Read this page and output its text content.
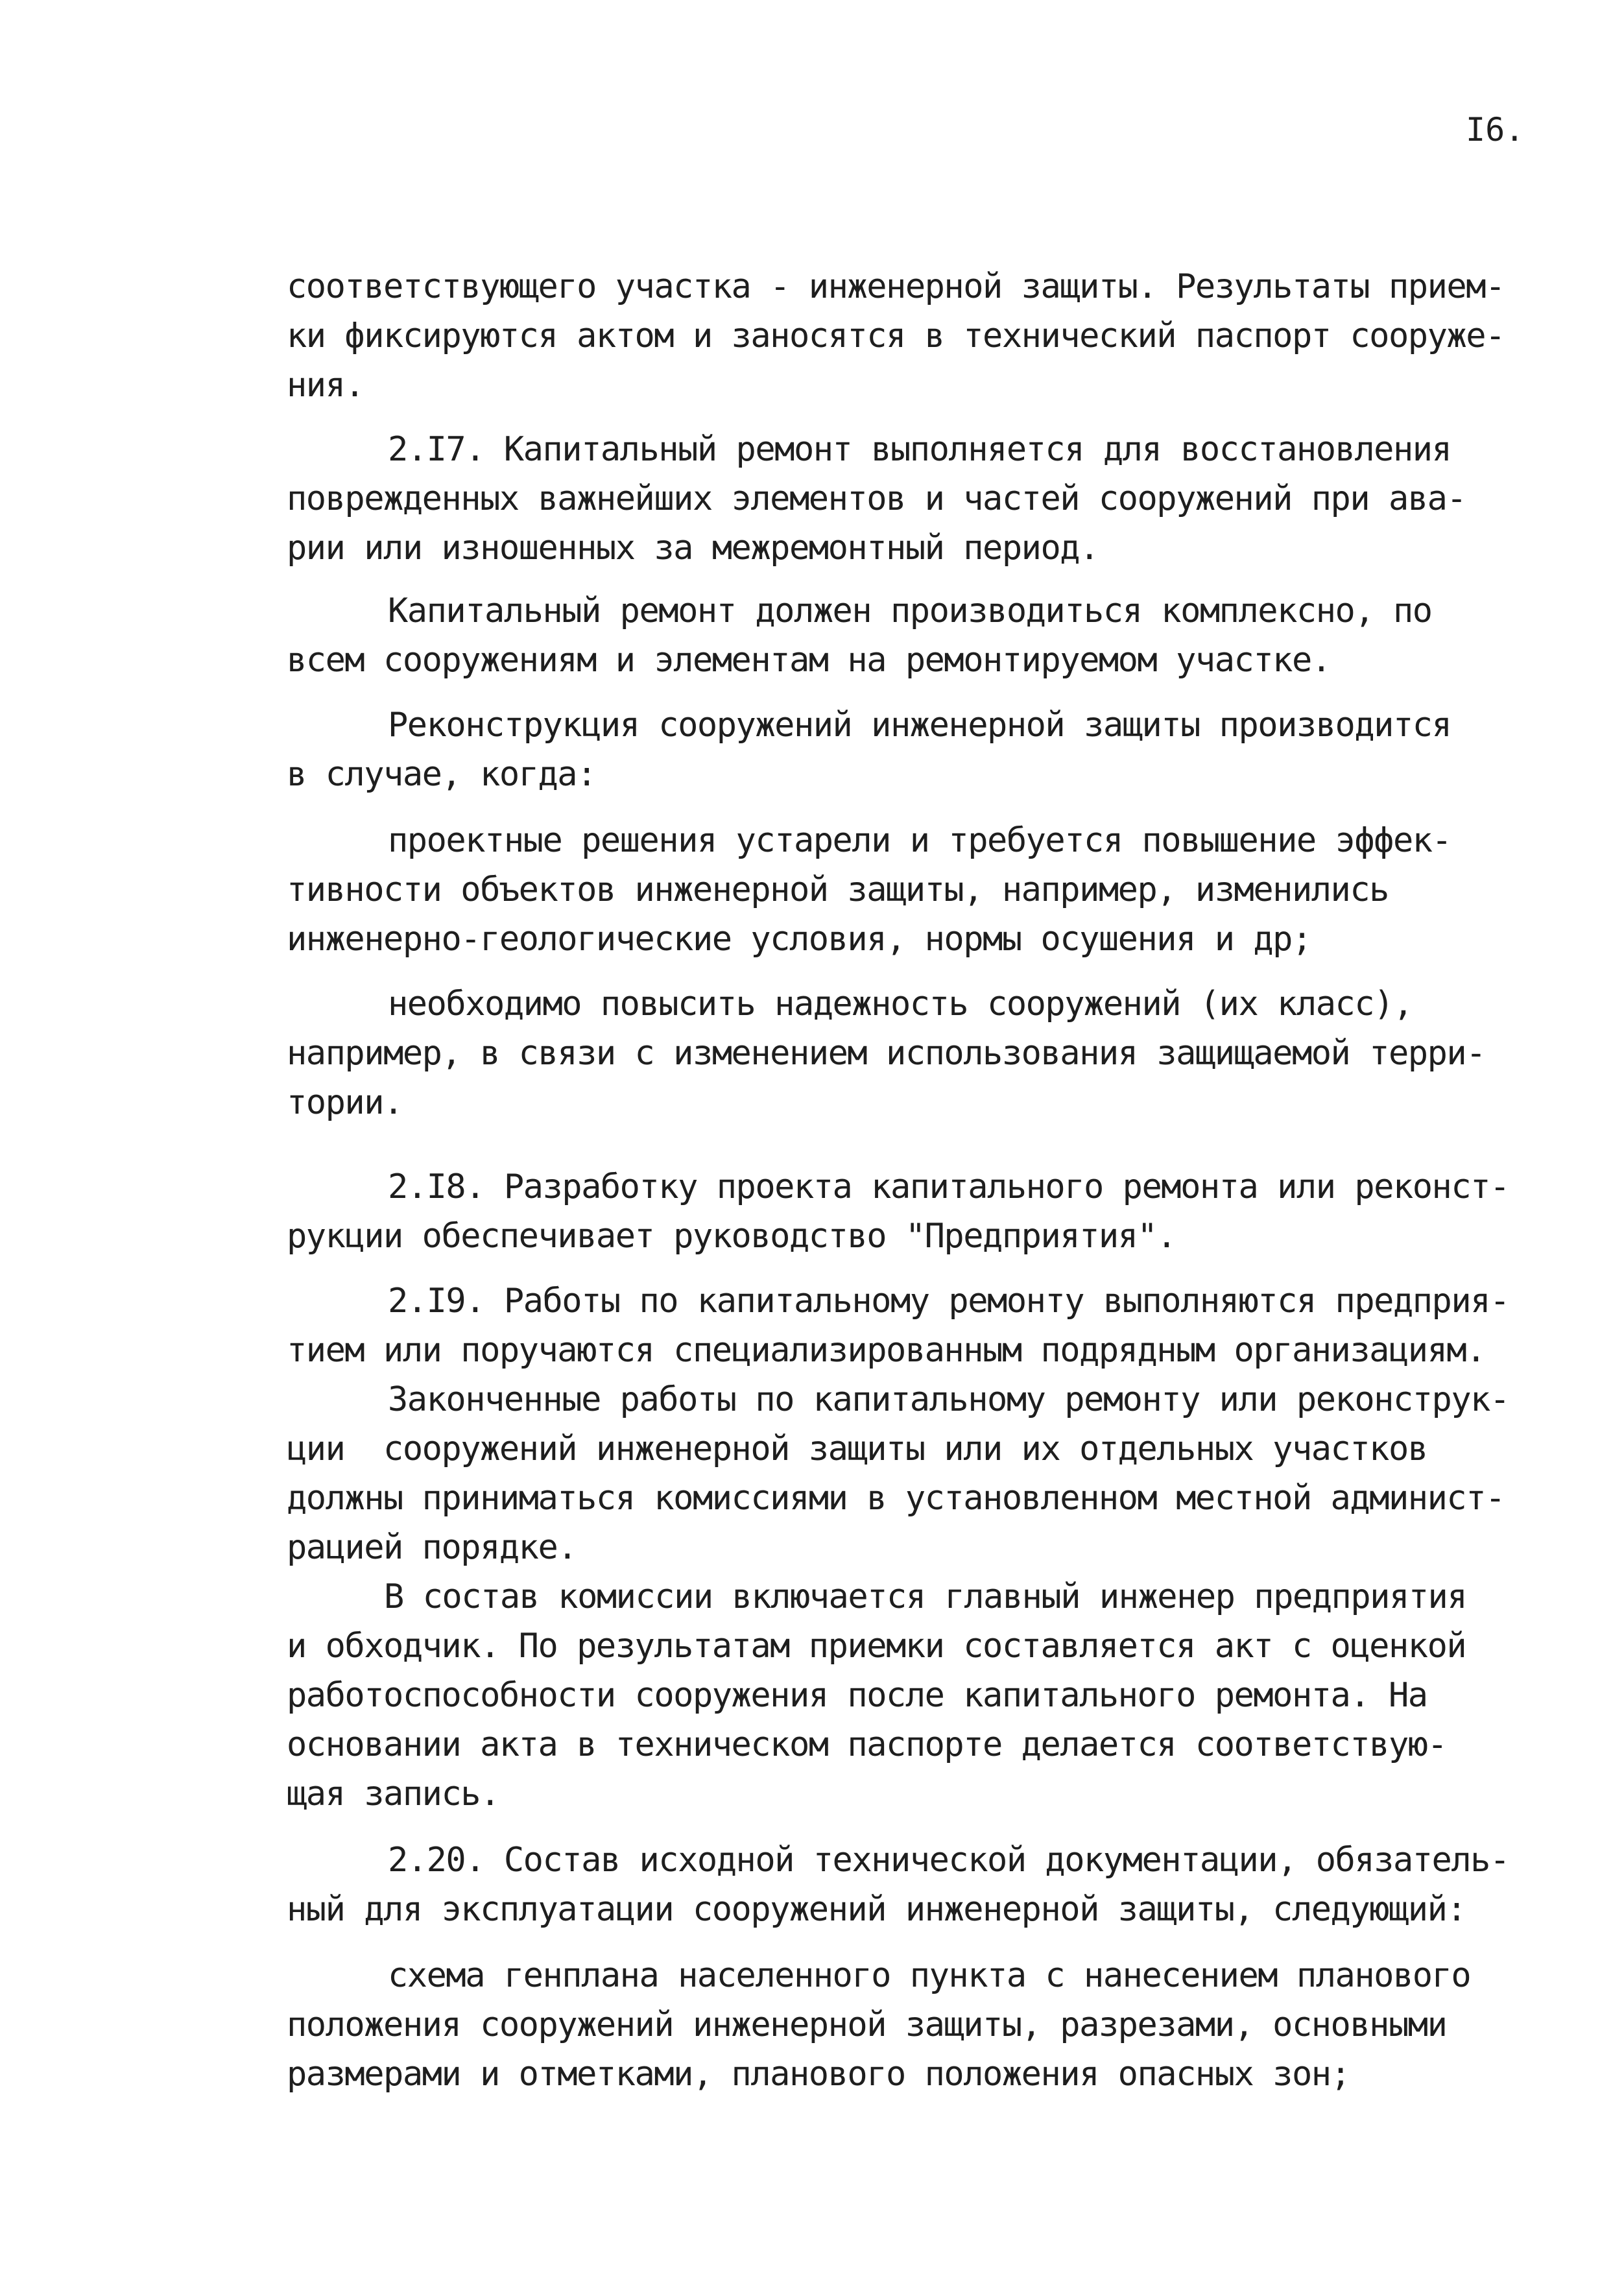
I6.
соответствующего участка - инженерной защиты. Результаты прием-
ки фиксируются актом и заносятся в технический паспорт сооруже-
ния.
2.I7. Капитальный ремонт выполняется для восстановления
поврежденных важнейших элементов и частей сооружений при ава-
рии или изношенных за межремонтный период.
Капитальный ремонт должен производиться комплексно, по
всем сооружениям и элементам на ремонтируемом участке.
Реконструкция сооружений инженерной защиты производится
в случае, когда:
проектные решения устарели и требуется повышение эффек-
тивности объектов инженерной защиты, например, изменились
инженерно-геологические условия, нормы осушения и др;
необходимо повысить надежность сооружений (их класс),
например, в связи с изменением использования защищаемой терри-
тории.
2.I8. Разработку проекта капитального ремонта или реконст-
рукции обеспечивает руководство "Предприятия".
2.I9. Работы по капитальному ремонту выполняются предприя-
тием или поручаются специализированным подрядным организациям.
Законченные работы по капитальному ремонту или реконструк-
ции  сооружений инженерной защиты или их отдельных участков
должны приниматься комиссиями в установленном местной админист-
рацией порядке.
В состав комиссии включается главный инженер предприятия
и обходчик. По результатам приемки составляется акт с оценкой
работоспособности сооружения после капитального ремонта. На
основании акта в техническом паспорте делается соответствую-
щая запись.
2.20. Состав исходной технической документации, обязатель-
ный для эксплуатации сооружений инженерной защиты, следующий:
схема генплана населенного пункта с нанесением планового
положения сооружений инженерной защиты, разрезами, основными
размерами и отметками, планового положения опасных зон;
